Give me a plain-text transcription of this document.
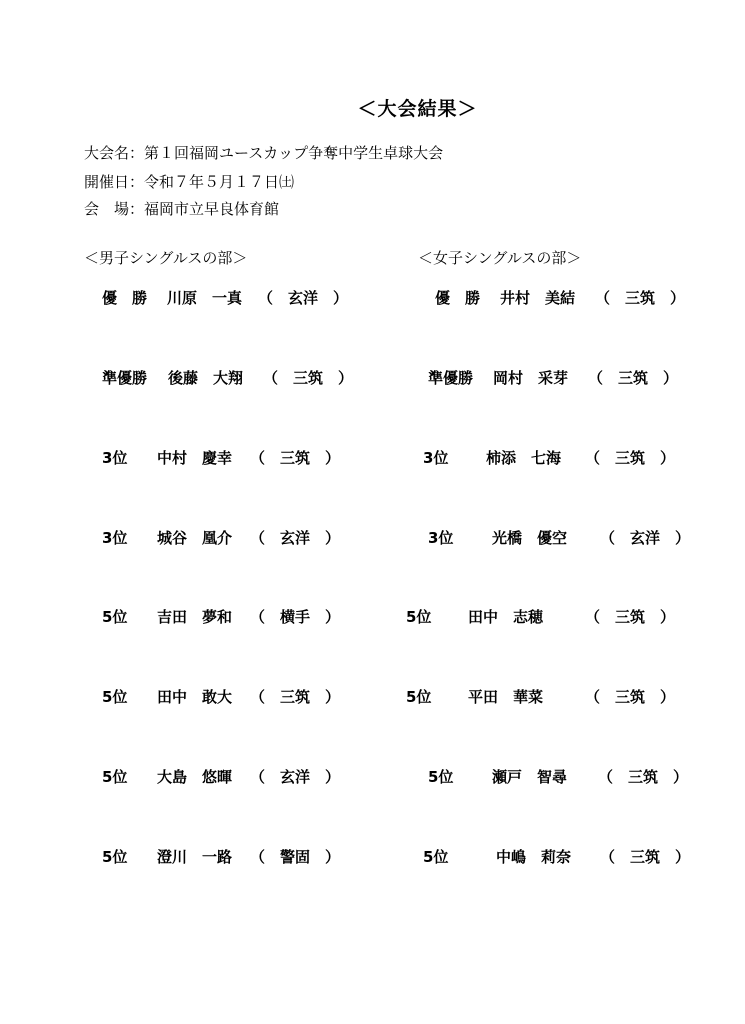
＜大会結果＞
大会名：第１回福岡ユースカップ争奪中学生卓球大会
開催日：令和７年５月１７日㈯
会　場：福岡市立早良体育館
＜男子シングルスの部＞	＜女子シングルスの部＞
優　勝 川原　一真 （　玄洋　）
準優勝 後藤　大翔 （　三筑　）
3位 中村　慶幸 （　三筑　）
3位 城谷　凰介 （　玄洋　）
5位 吉田　夢和 （　横手　）
5位 田中　敢大 （　三筑　）
5位 大島　悠暉 （　玄洋　）
5位 澄川　一路 （　警固　）
優　勝 井村　美結 （　三筑　）
準優勝 岡村　采芽 （　三筑　）
3位	柿添　七海 （　三筑　）
3位	光橋　優空 （　玄洋　）
5位 田中　志穂	（　三筑　）
5位 平田　華菜	（　三筑　）
5位	瀬戸　智尋 （　三筑　）
5位	中嶋　莉奈 （　三筑　）
